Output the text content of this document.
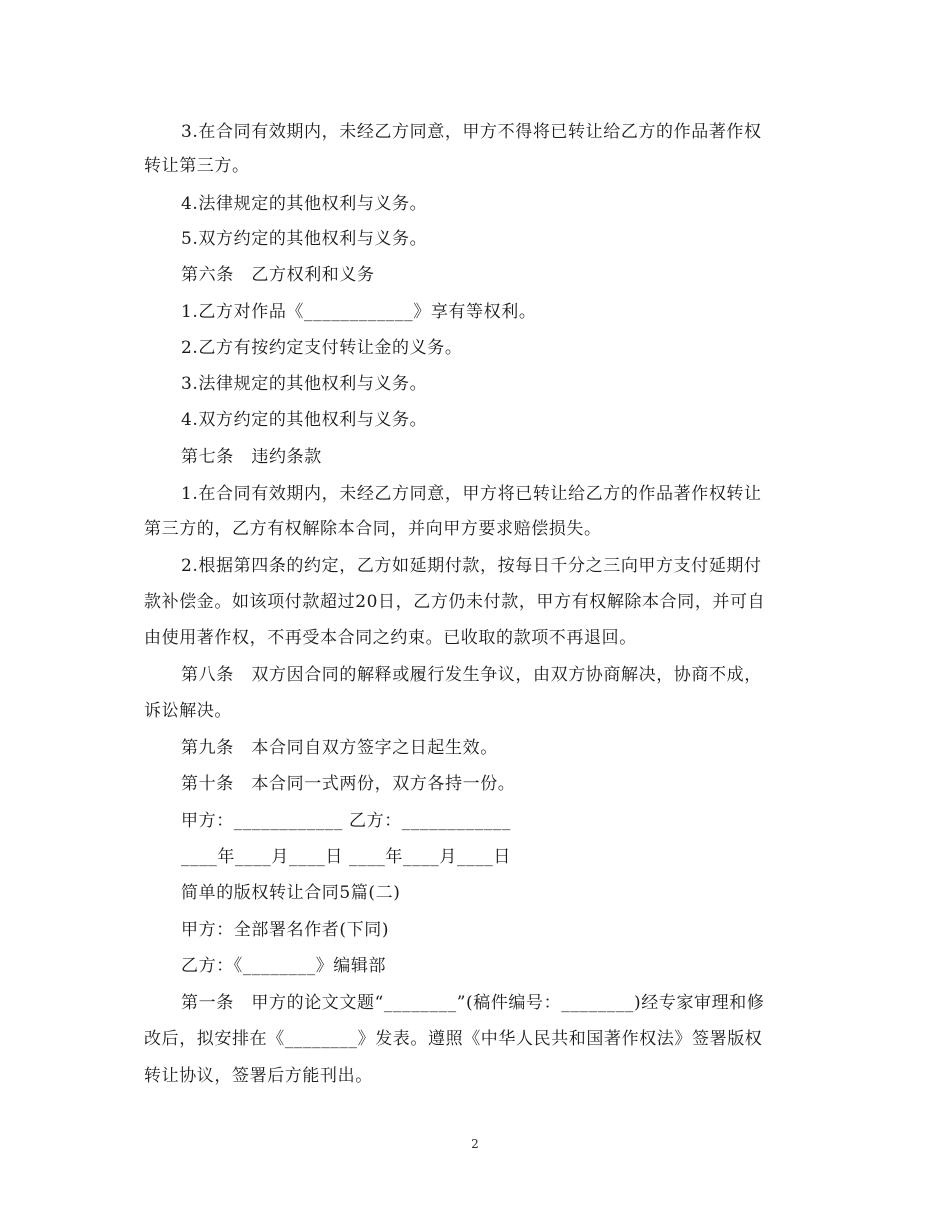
3.在合同有效期内，未经乙方同意，甲方不得将已转让给乙方的作品著作权
转让第三方。
4.法律规定的其他权利与义务。
5.双方约定的其他权利与义务。
第六条　乙方权利和义务
1.乙方对作品《____________》享有等权利。
2.乙方有按约定支付转让金的义务。
3.法律规定的其他权利与义务。
4.双方约定的其他权利与义务。
第七条　违约条款
1.在合同有效期内，未经乙方同意，甲方将已转让给乙方的作品著作权转让
第三方的，乙方有权解除本合同，并向甲方要求赔偿损失。
2.根据第四条的约定，乙方如延期付款，按每日千分之三向甲方支付延期付
款补偿金。如该项付款超过20日，乙方仍未付款，甲方有权解除本合同，并可自
由使用著作权，不再受本合同之约束。已收取的款项不再退回。
第八条　双方因合同的解释或履行发生争议，由双方协商解决，协商不成，
诉讼解决。
第九条　本合同自双方签字之日起生效。
第十条　本合同一式两份，双方各持一份。
甲方：____________ 乙方：____________
____年____月____日 ____年____月____日
简单的版权转让合同5篇(二)
甲方：全部署名作者(下同)
乙方：《________》编辑部
第一条　甲方的论文文题“________”(稿件编号：________)经专家审理和修
改后，拟安排在《________》发表。遵照《中华人民共和国著作权法》签署版权
转让协议，签署后方能刊出。
2
